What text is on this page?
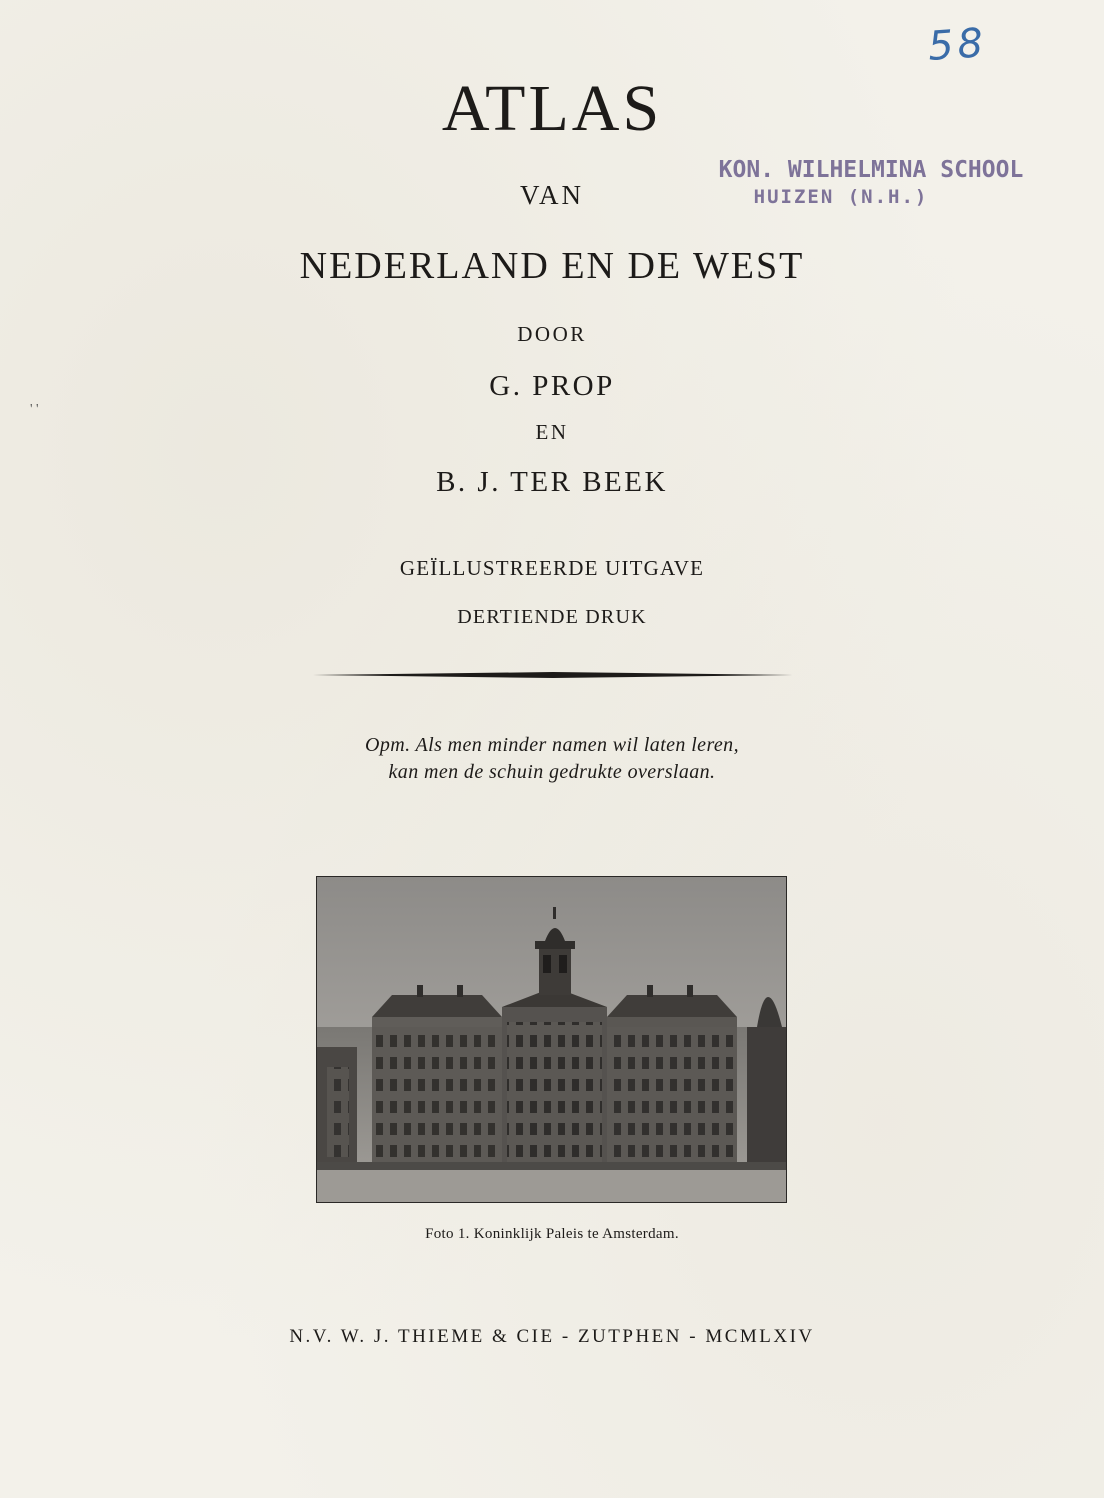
ATLAS
VAN
NEDERLAND EN DE WEST
DOOR
G. PROP
EN
B. J. TER BEEK
GEÏLLUSTREERDE UITGAVE
DERTIENDE DRUK
Opm. Als men minder namen wil laten leren,
kan men de schuin gedrukte overslaan.
Foto 1. Koninklijk Paleis te Amsterdam.
N.V. W. J. THIEME & CIE - ZUTPHEN - MCMLXIV
58
KON. WILHELMINA SCHOOL
HUIZEN (N.H.)
' '
